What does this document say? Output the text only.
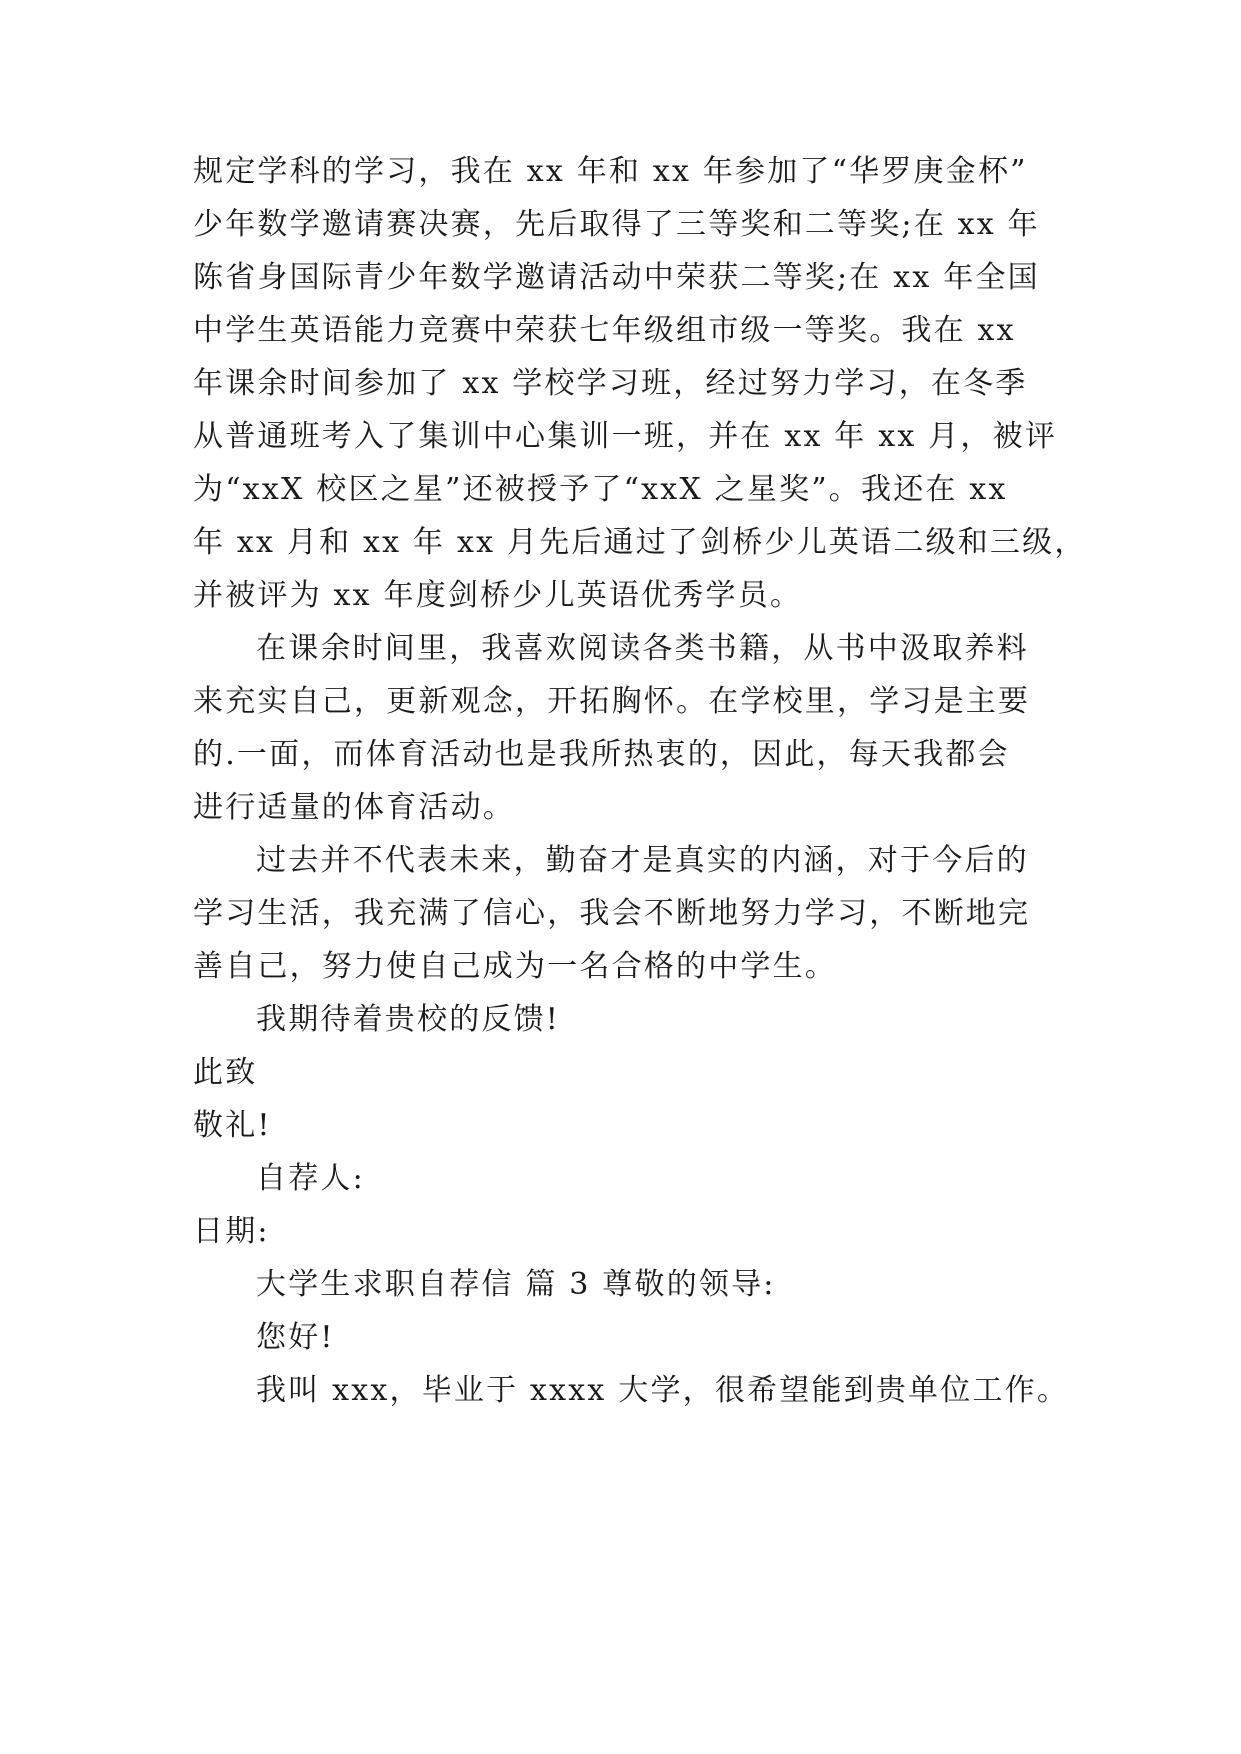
规定学科的学习，我在 xx 年和 xx 年参加了“华罗庚金杯”
少年数学邀请赛决赛，先后取得了三等奖和二等奖;在 xx 年
陈省身国际青少年数学邀请活动中荣获二等奖;在 xx 年全国
中学生英语能力竞赛中荣获七年级组市级一等奖。我在 xx
年课余时间参加了 xx 学校学习班，经过努力学习，在冬季
从普通班考入了集训中心集训一班，并在 xx 年 xx 月，被评
为“xxX 校区之星”还被授予了“xxX 之星奖”。我还在 xx
年 xx 月和 xx 年 xx 月先后通过了剑桥少儿英语二级和三级，
并被评为 xx 年度剑桥少儿英语优秀学员。
在课余时间里，我喜欢阅读各类书籍，从书中汲取养料
来充实自己，更新观念，开拓胸怀。在学校里，学习是主要
的.一面，而体育活动也是我所热衷的，因此，每天我都会
进行适量的体育活动。
过去并不代表未来，勤奋才是真实的内涵，对于今后的
学习生活，我充满了信心，我会不断地努力学习，不断地完
善自己，努力使自己成为一名合格的中学生。
我期待着贵校的反馈!
此致
敬礼!
自荐人:
日期:
大学生求职自荐信 篇 3 尊敬的领导:
您好!
我叫 xxx，毕业于 xxxx 大学，很希望能到贵单位工作。
